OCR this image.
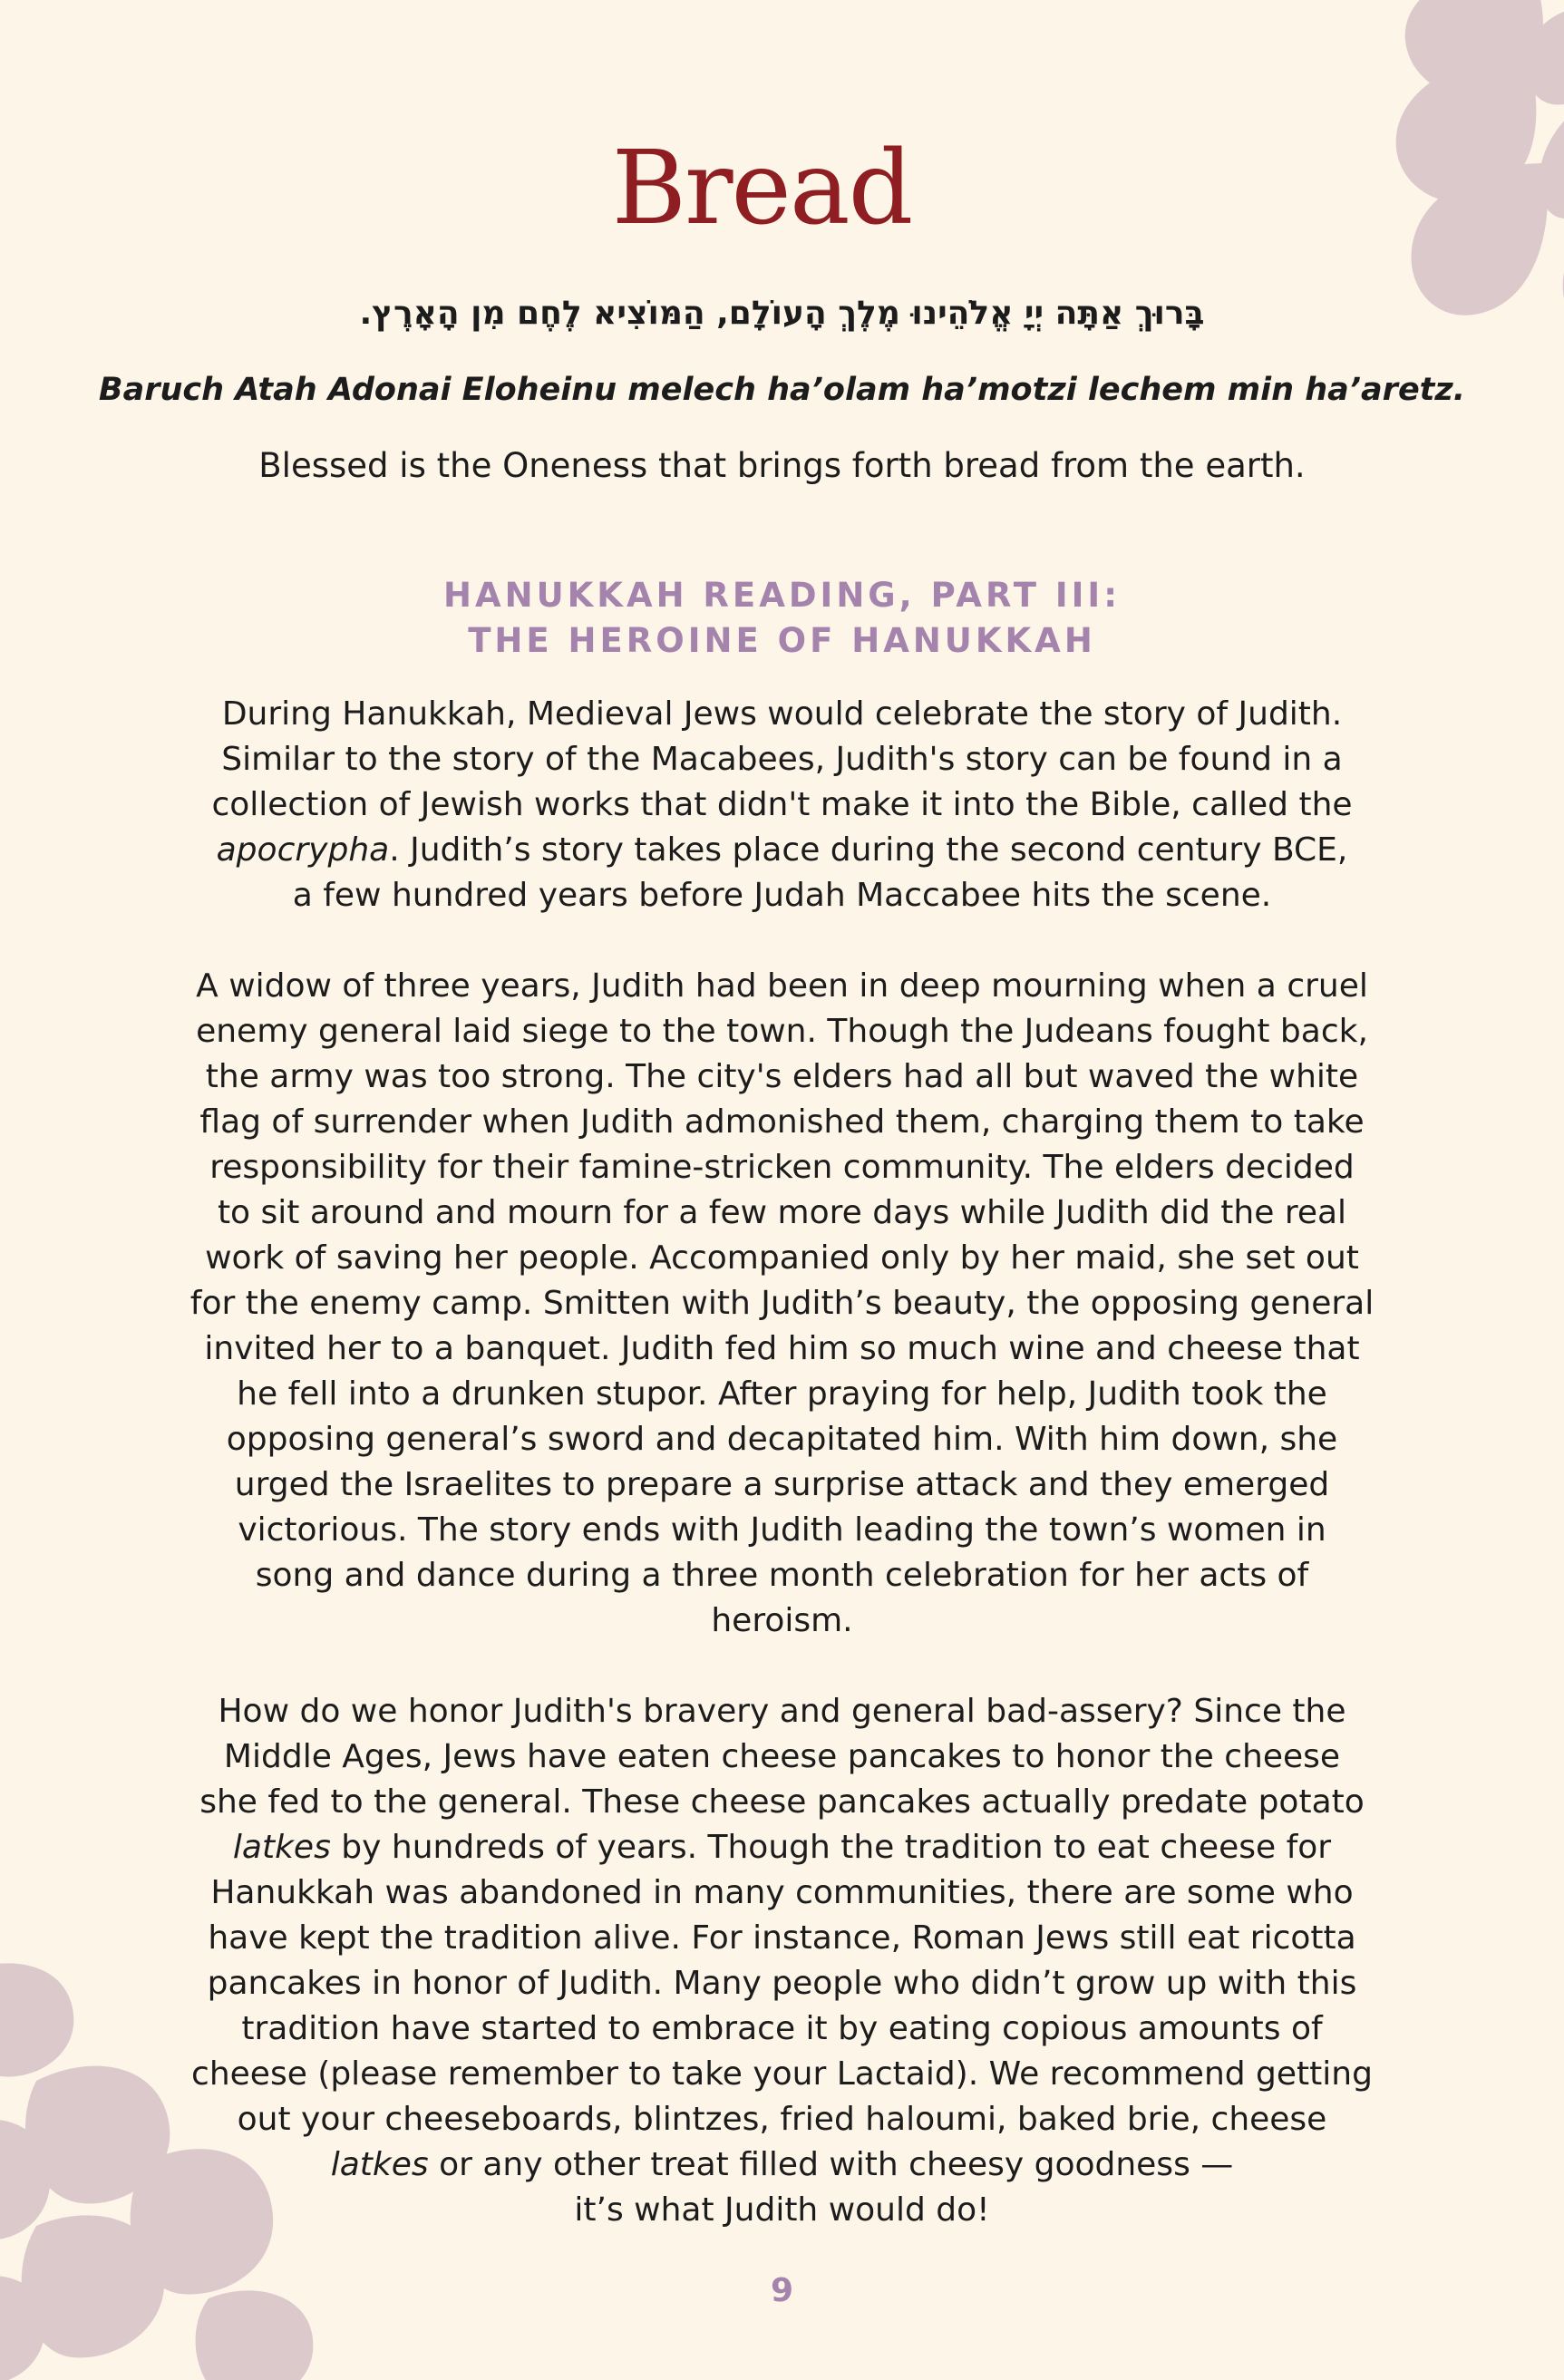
Bread
בָּרוּךְ אַתָּה יְיָ אֱלֹהֵינוּ מֶלֶךְ הָעוֹלָם, הַמּוֹצִיא לֶחֶם מִן הָאָרֶץ.
Baruch Atah Adonai Eloheinu melech ha’olam ha’motzi lechem min ha’aretz.
Blessed is the Oneness that brings forth bread from the earth.
HANUKKAH READING, PART III:
THE HEROINE OF HANUKKAH
During Hanukkah, Medieval Jews would celebrate the story of Judith.
Similar to the story of the Macabees, Judith's story can be found in a
collection of Jewish works that didn't make it into the Bible, called the
apocrypha. Judith’s story takes place during the second century BCE,
a few hundred years before Judah Maccabee hits the scene.
A widow of three years, Judith had been in deep mourning when a cruel
enemy general laid siege to the town. Though the Judeans fought back,
the army was too strong. The city's elders had all but waved the white
flag of surrender when Judith admonished them, charging them to take
responsibility for their famine-stricken community. The elders decided
to sit around and mourn for a few more days while Judith did the real
work of saving her people. Accompanied only by her maid, she set out
for the enemy camp. Smitten with Judith’s beauty, the opposing general
invited her to a banquet. Judith fed him so much wine and cheese that
he fell into a drunken stupor. After praying for help, Judith took the
opposing general’s sword and decapitated him. With him down, she
urged the Israelites to prepare a surprise attack and they emerged
victorious. The story ends with Judith leading the town’s women in
song and dance during a three month celebration for her acts of
heroism.
How do we honor Judith's bravery and general bad-assery? Since the
Middle Ages, Jews have eaten cheese pancakes to honor the cheese
she fed to the general. These cheese pancakes actually predate potato
latkes by hundreds of years. Though the tradition to eat cheese for
Hanukkah was abandoned in many communities, there are some who
have kept the tradition alive. For instance, Roman Jews still eat ricotta
pancakes in honor of Judith. Many people who didn’t grow up with this
tradition have started to embrace it by eating copious amounts of
cheese (please remember to take your Lactaid). We recommend getting
out your cheeseboards, blintzes, fried haloumi, baked brie, cheese
latkes or any other treat filled with cheesy goodness —
it’s what Judith would do!
9
